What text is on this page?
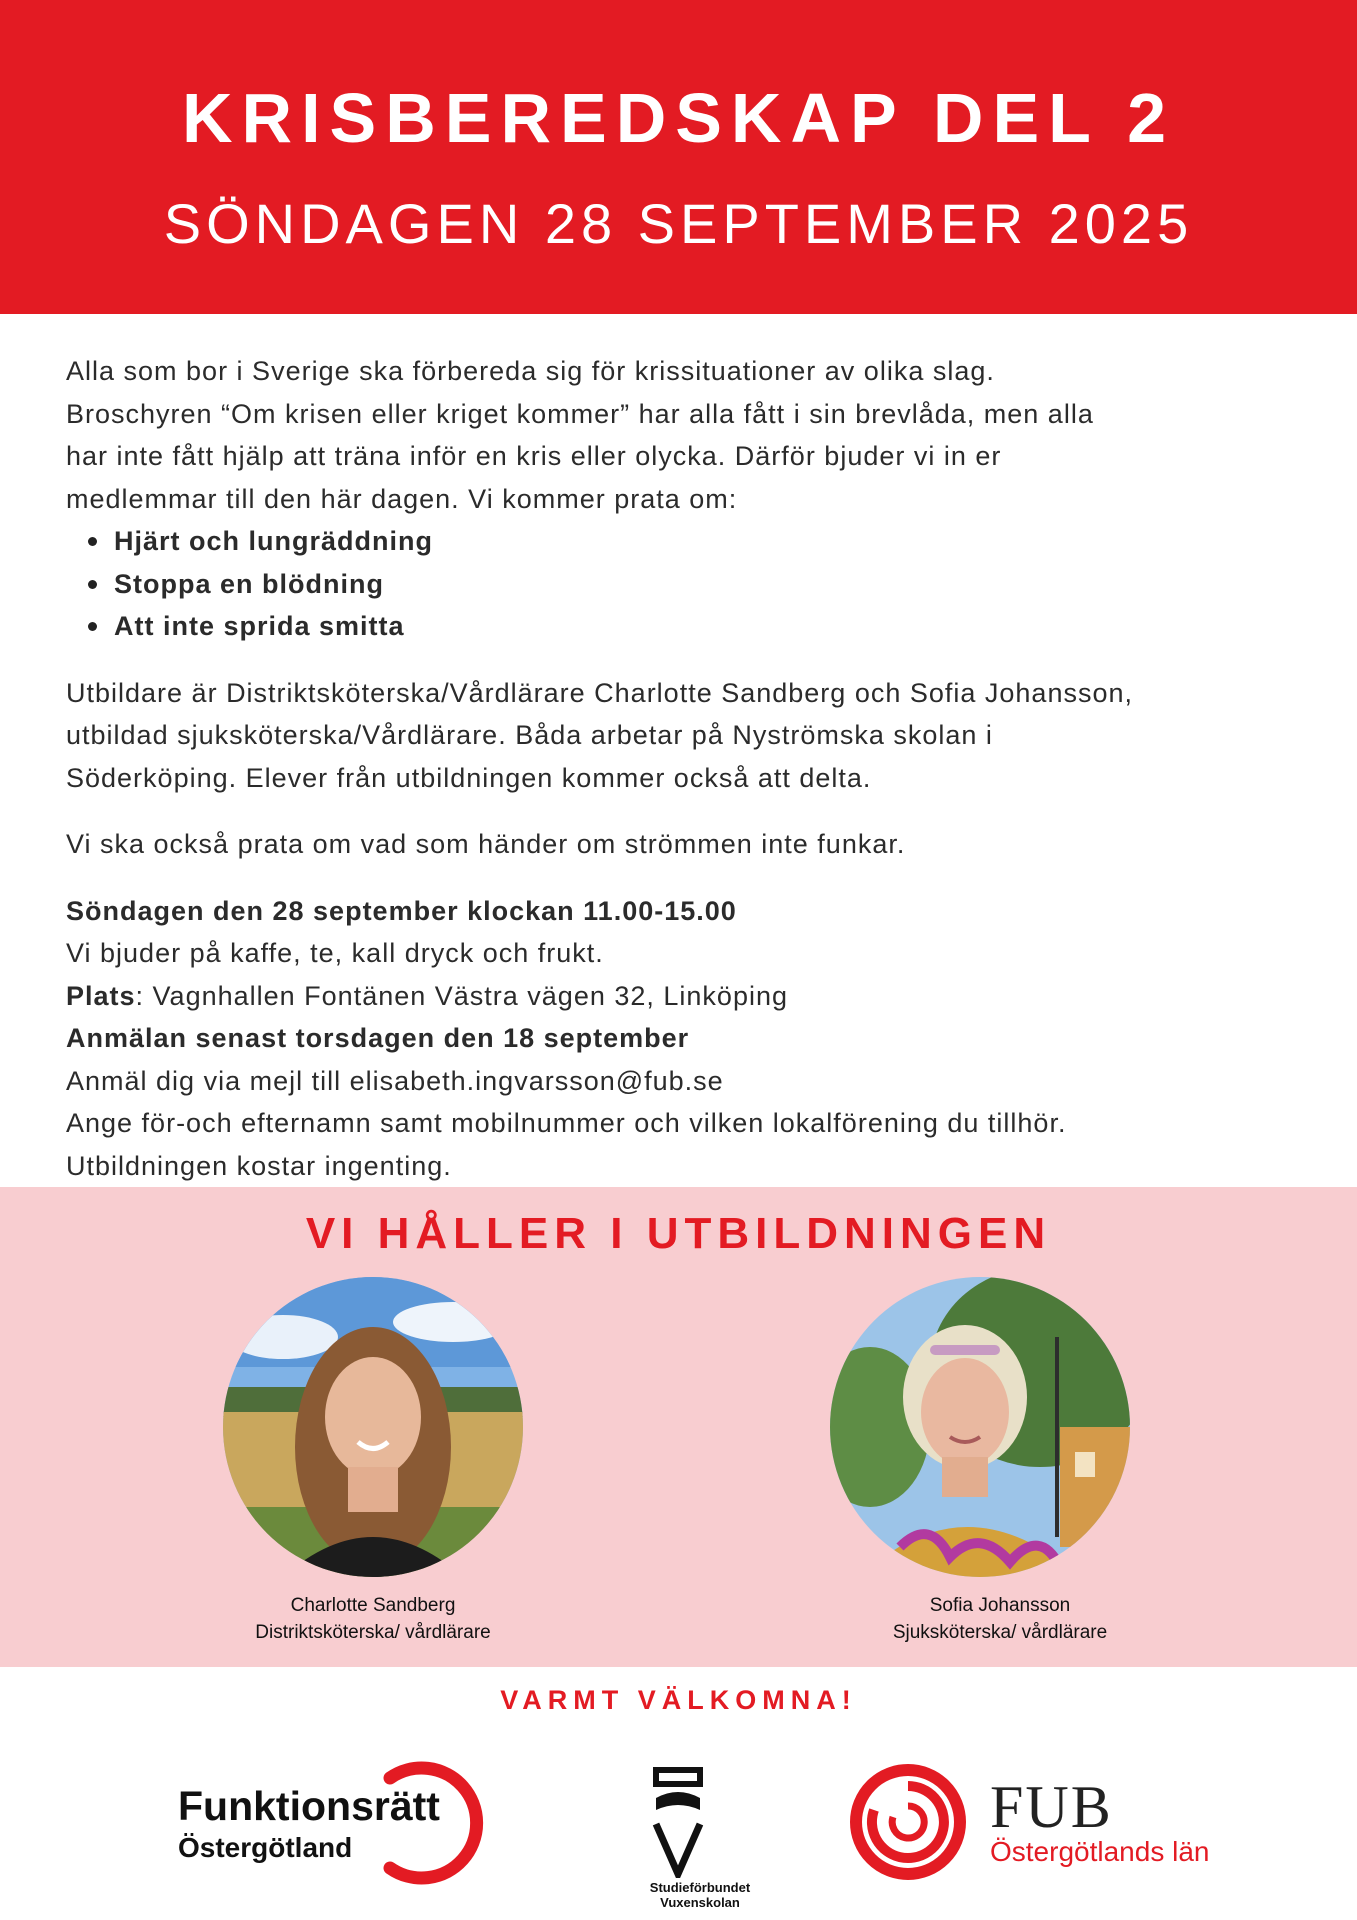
KRISBEREDSKAP DEL 2
SÖNDAGEN 28 SEPTEMBER 2025

Alla som bor i Sverige ska förbereda sig för krissituationer av olika slag.

Broschyren “Om krisen eller kriget kommer” har alla fått i sin brevlåda, men alla

har inte fått hjälp att träna inför en kris eller olycka. Därför bjuder vi in er

medlemmar till den här dagen. Vi kommer prata om:

Hjärt och lungräddning
Stoppa en blödning
Att inte sprida smitta

Utbildare är Distriktsköterska/Vårdlärare Charlotte Sandberg och Sofia Johansson,

utbildad sjuksköterska/Vårdlärare. Båda arbetar på Nyströmska skolan i

Söderköping. Elever från utbildningen kommer också att delta.

Vi ska också prata om vad som händer om strömmen inte funkar.

Söndagen den 28 september klockan 11.00-15.00

Vi bjuder på kaffe, te, kall dryck och frukt.

Plats: Vagnhallen Fontänen Västra vägen 32, Linköping

Anmälan senast torsdagen den 18 september

Anmäl dig via mejl till elisabeth.ingvarsson@fub.se

Ange för-och efternamn samt mobilnummer och vilken lokalförening du tillhör.

Utbildningen kostar ingenting.

VI HÅLLER I UTBILDNINGEN
Charlotte Sandberg
Distriktsköterska/ vårdlärare
Sofia Johansson
Sjuksköterska/ vårdlärare
VARMT VÄLKOMNA!
Funktionsrätt
Östergötland
Studieförbundet
Vuxenskolan
FUB
Östergötlands län
